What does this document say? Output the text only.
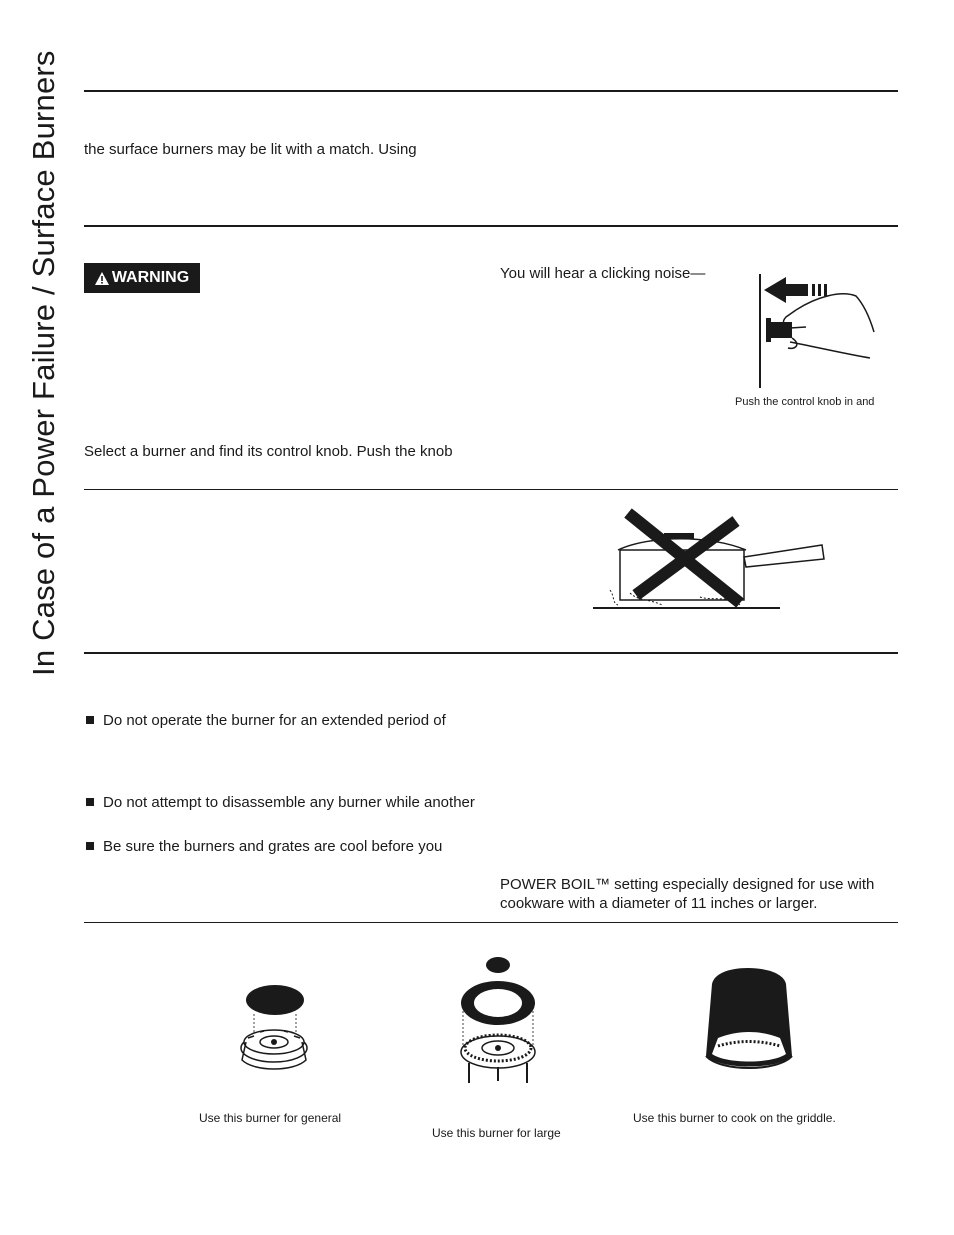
In Case of a Power Failure / Surface Burners the surface burners may be lit with a match. Using
WARNING	You will hear a clicking noise—
Push the control knob in and
Select a burner and find its control knob. Push the knob
Do not operate the burner for an extended period of
Do not attempt to disassemble any burner while another
Be sure the burners and grates are cool before you
POWER BOIL™ setting especially designed for use with
cookware with a diameter of 11 inches or larger.
Use this burner for general
Use this burner for large
Use this burner to cook on the griddle.
